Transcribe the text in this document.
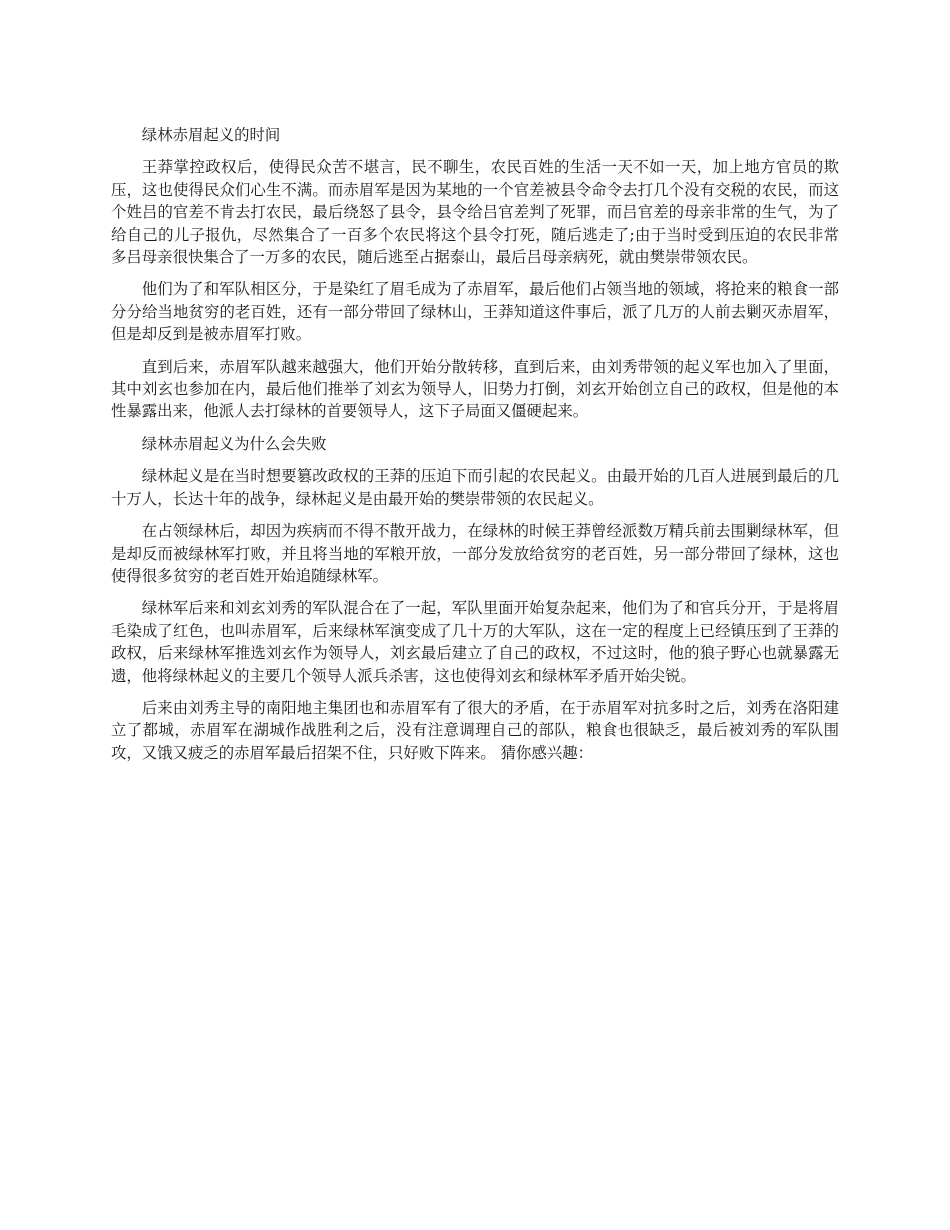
绿林赤眉起义的时间

王莽掌控政权后，使得民众苦不堪言，民不聊生，农民百姓的生活一天不如一天，加上地方官员的欺压，这也使得民众们心生不满。而赤眉军是因为某地的一个官差被县令命令去打几个没有交税的农民，而这个姓吕的官差不肯去打农民，最后绕怒了县令，县令给吕官差判了死罪，而吕官差的母亲非常的生气，为了给自己的儿子报仇，尽然集合了一百多个农民将这个县令打死，随后逃走了;由于当时受到压迫的农民非常多吕母亲很快集合了一万多的农民，随后逃至占据泰山，最后吕母亲病死，就由樊崇带领农民。

他们为了和军队相区分，于是染红了眉毛成为了赤眉军，最后他们占领当地的领域，将抢来的粮食一部分分给当地贫穷的老百姓，还有一部分带回了绿林山，王莽知道这件事后，派了几万的人前去剿灭赤眉军，但是却反到是被赤眉军打败。

直到后来，赤眉军队越来越强大，他们开始分散转移，直到后来，由刘秀带领的起义军也加入了里面，其中刘玄也参加在内，最后他们推举了刘玄为领导人，旧势力打倒，刘玄开始创立自己的政权，但是他的本性暴露出来，他派人去打绿林的首要领导人，这下子局面又僵硬起来。

绿林赤眉起义为什么会失败

绿林起义是在当时想要篡改政权的王莽的压迫下而引起的农民起义。由最开始的几百人进展到最后的几十万人，长达十年的战争，绿林起义是由最开始的樊崇带领的农民起义。

在占领绿林后，却因为疾病而不得不散开战力，在绿林的时候王莽曾经派数万精兵前去围剿绿林军，但是却反而被绿林军打败，并且将当地的军粮开放，一部分发放给贫穷的老百姓，另一部分带回了绿林，这也使得很多贫穷的老百姓开始追随绿林军。

绿林军后来和刘玄刘秀的军队混合在了一起，军队里面开始复杂起来，他们为了和官兵分开，于是将眉毛染成了红色，也叫赤眉军，后来绿林军演变成了几十万的大军队，这在一定的程度上已经镇压到了王莽的政权，后来绿林军推选刘玄作为领导人，刘玄最后建立了自己的政权，不过这时，他的狼子野心也就暴露无遗，他将绿林起义的主要几个领导人派兵杀害，这也使得刘玄和绿林军矛盾开始尖锐。

后来由刘秀主导的南阳地主集团也和赤眉军有了很大的矛盾，在于赤眉军对抗多时之后，刘秀在洛阳建立了都城，赤眉军在湖城作战胜利之后，没有注意调理自己的部队，粮食也很缺乏，最后被刘秀的军队围攻，又饿又疲乏的赤眉军最后招架不住，只好败下阵来。 猜你感兴趣：
